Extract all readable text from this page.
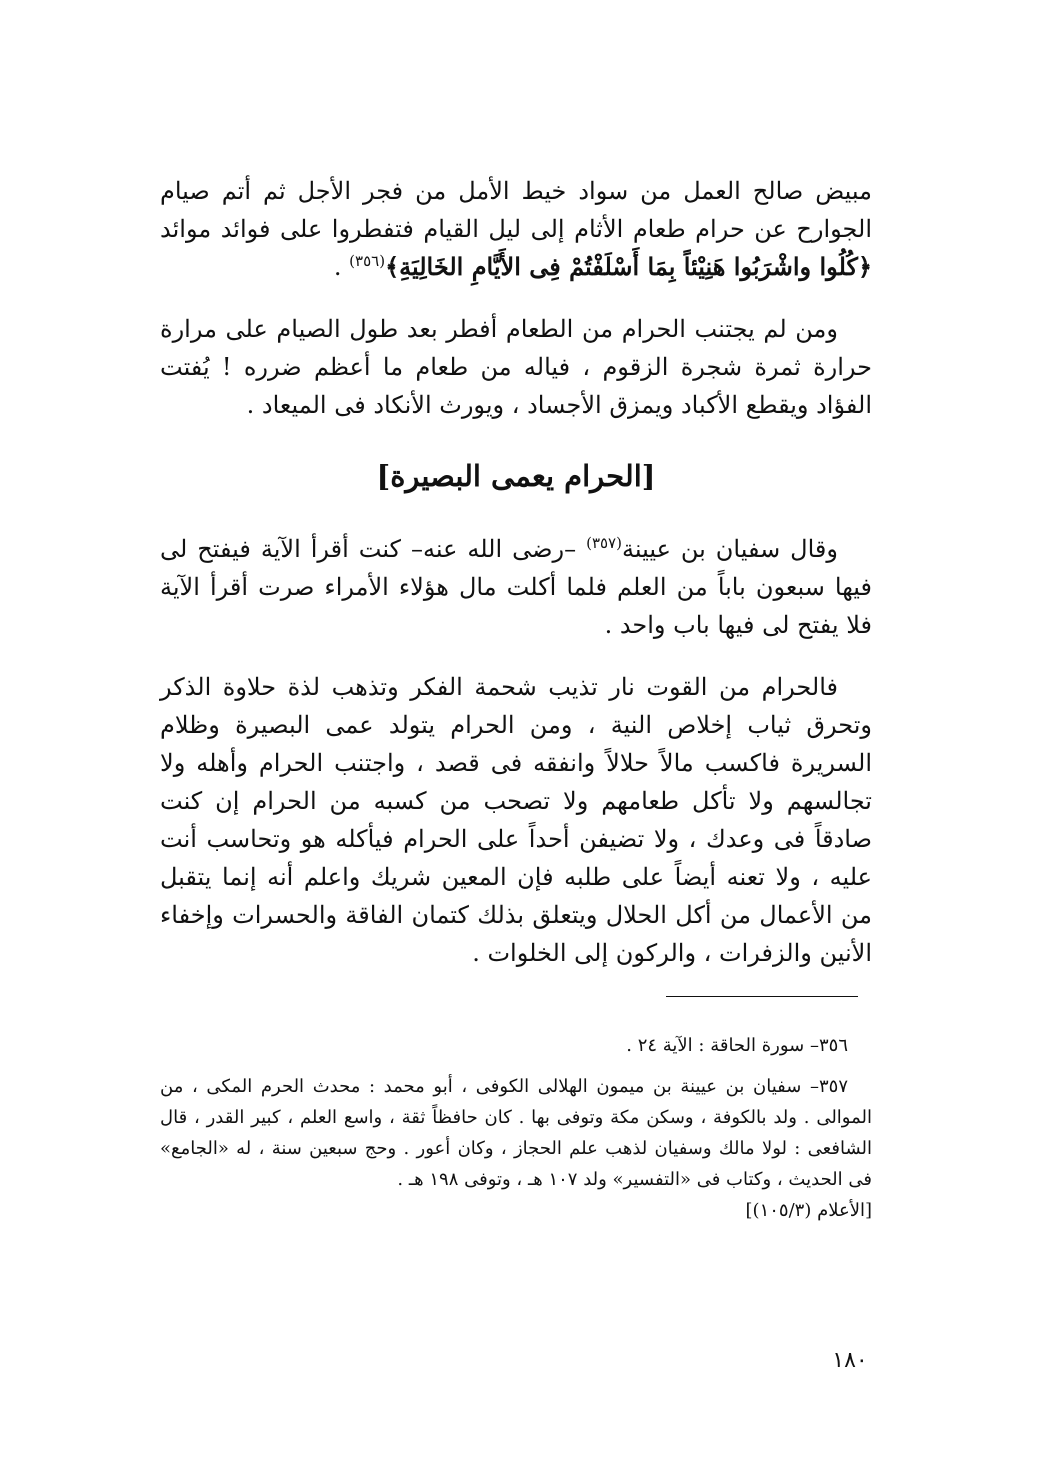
مبيض صالح العمل من سواد خيط الأمل من فجر الأجل ثم أتم صيام الجوارح عن حرام طعام الأثام إلى ليل القيام فتفطروا على فوائد موائد ﴿كُلُوا واشْرَبُوا هَنِيْئاً بِمَا أَسْلَفْتُمْ فِى الأَيَّامِ الخَالِيَةِ﴾$^{(٣٥٦)}$ .

ومن لم يجتنب الحرام من الطعام أفطر بعد طول الصيام على مرارة حرارة ثمرة شجرة الزقوم ، فياله من طعام ما أعظم ضرره ! يُفتت الفؤاد ويقطع الأكباد ويمزق الأجساد ، ويورث الأنكاد فى الميعاد .

[الحرام يعمى البصيرة]

وقال سفيان بن عيينة$^{(٣٥٧)}$ –رضى الله عنه– كنت أقرأ الآية فيفتح لى فيها سبعون باباً من العلم فلما أكلت مال هؤلاء الأمراء صرت أقرأ الآية فلا يفتح لى فيها باب واحد .

فالحرام من القوت نار تذيب شحمة الفكر وتذهب لذة حلاوة الذكر وتحرق ثياب إخلاص النية ، ومن الحرام يتولد عمى البصيرة وظلام السريرة فاكسب مالاً حلالاً وانفقه فى قصد ، واجتنب الحرام وأهله ولا تجالسهم ولا تأكل طعامهم ولا تصحب من كسبه من الحرام إن كنت صادقاً فى وعدك ، ولا تضيفن أحداً على الحرام فيأكله هو وتحاسب أنت عليه ، ولا تعنه أيضاً على طلبه فإن المعين شريك واعلم أنه إنما يتقبل من الأعمال من أكل الحلال ويتعلق بذلك كتمان الفاقة والحسرات وإخفاء الأنين والزفرات ، والركون إلى الخلوات .

٣٥٦– سورة الحاقة : الآية ٢٤ .

٣٥٧– سفيان بن عيينة بن ميمون الهلالى الكوفى ، أبو محمد : محدث الحرم المكى ، من الموالى . ولد بالكوفة ، وسكن مكة وتوفى بها . كان حافظاً ثقة ، واسع العلم ، كبير القدر ، قال الشافعى : لولا مالك وسفيان لذهب علم الحجاز ، وكان أعور . وحج سبعين سنة ، له «الجامع» فى الحديث ، وكتاب فى «التفسير» ولد ١٠٧ هـ ، وتوفى ١٩٨ هـ .
[الأعلام (١٠٥/٣)]

١٨٠
